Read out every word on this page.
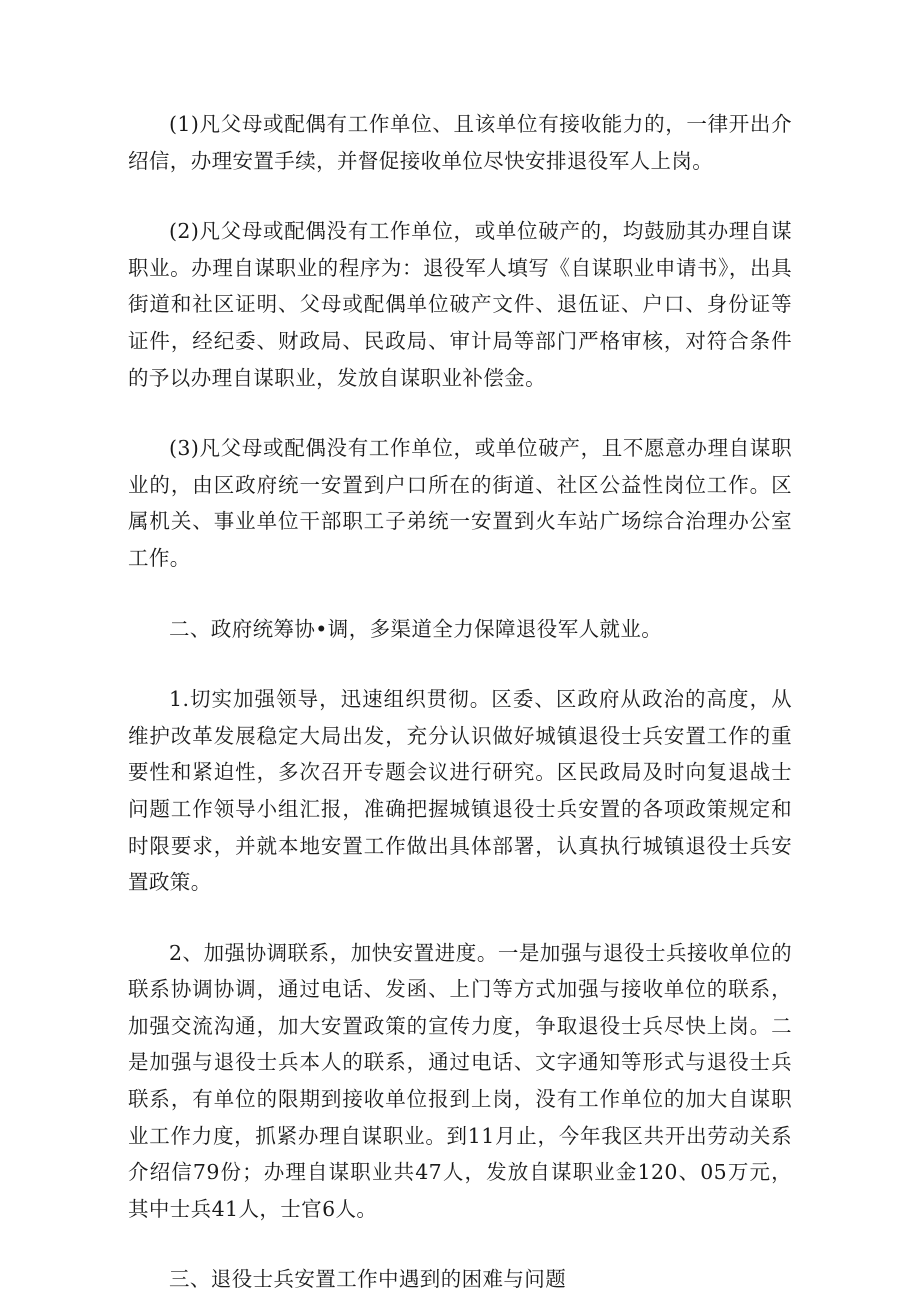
(1)凡父母或配偶有工作单位、且该单位有接收能力的，一律开出介绍信，办理安置手续，并督促接收单位尽快安排退役军人上岗。

(2)凡父母或配偶没有工作单位，或单位破产的，均鼓励其办理自谋职业。办理自谋职业的程序为：退役军人填写《自谋职业申请书》，出具街道和社区证明、父母或配偶单位破产文件、退伍证、户口、身份证等证件，经纪委、财政局、民政局、审计局等部门严格审核，对符合条件的予以办理自谋职业，发放自谋职业补偿金。

(3)凡父母或配偶没有工作单位，或单位破产，且不愿意办理自谋职业的，由区政府统一安置到户口所在的街道、社区公益性岗位工作。区属机关、事业单位干部职工子弟统一安置到火车站广场综合治理办公室工作。

二、政府统筹协•调，多渠道全力保障退役军人就业。

1.切实加强领导，迅速组织贯彻。区委、区政府从政治的高度，从维护改革发展稳定大局出发，充分认识做好城镇退役士兵安置工作的重要性和紧迫性，多次召开专题会议进行研究。区民政局及时向复退战士问题工作领导小组汇报，准确把握城镇退役士兵安置的各项政策规定和时限要求，并就本地安置工作做出具体部署，认真执行城镇退役士兵安置政策。

2、加强协调联系，加快安置进度。一是加强与退役士兵接收单位的联系协调协调，通过电话、发函、上门等方式加强与接收单位的联系，加强交流沟通，加大安置政策的宣传力度，争取退役士兵尽快上岗。二是加强与退役士兵本人的联系，通过电话、文字通知等形式与退役士兵联系，有单位的限期到接收单位报到上岗，没有工作单位的加大自谋职业工作力度，抓紧办理自谋职业。到11月止，今年我区共开出劳动关系介绍信79份；办理自谋职业共47人，发放自谋职业金120、05万元，其中士兵41人，士官6人。

三、退役士兵安置工作中遇到的困难与问题
